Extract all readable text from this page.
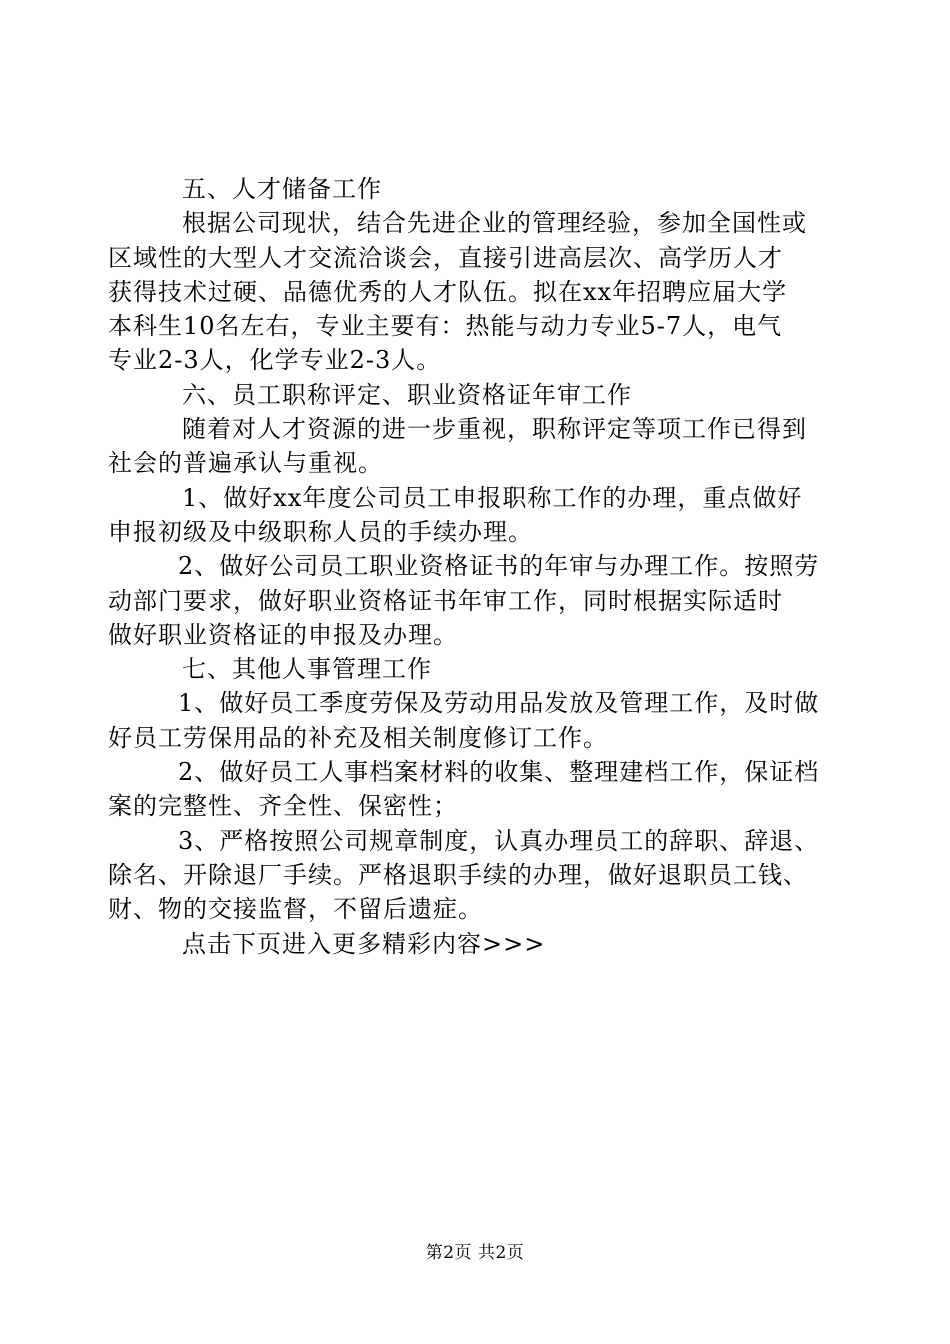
五、人才储备工作
根据公司现状，结合先进企业的管理经验，参加全国性或
区域性的大型人才交流洽谈会，直接引进高层次、高学历人才
获得技术过硬、品德优秀的人才队伍。拟在xx年招聘应届大学
本科生10名左右，专业主要有：热能与动力专业5-7人，电气
专业2-3人，化学专业2-3人。
六、员工职称评定、职业资格证年审工作
随着对人才资源的进一步重视，职称评定等项工作已得到
社会的普遍承认与重视。
1、做好xx年度公司员工申报职称工作的办理，重点做好
申报初级及中级职称人员的手续办理。
2、做好公司员工职业资格证书的年审与办理工作。按照劳
动部门要求，做好职业资格证书年审工作，同时根据实际适时
做好职业资格证的申报及办理。
七、其他人事管理工作
1、做好员工季度劳保及劳动用品发放及管理工作，及时做
好员工劳保用品的补充及相关制度修订工作。
2、做好员工人事档案材料的收集、整理建档工作，保证档
案的完整性、齐全性、保密性；
3、严格按照公司规章制度，认真办理员工的辞职、辞退、
除名、开除退厂手续。严格退职手续的办理，做好退职员工钱、
财、物的交接监督，不留后遗症。
点击下页进入更多精彩内容>>>
第2页 共2页
